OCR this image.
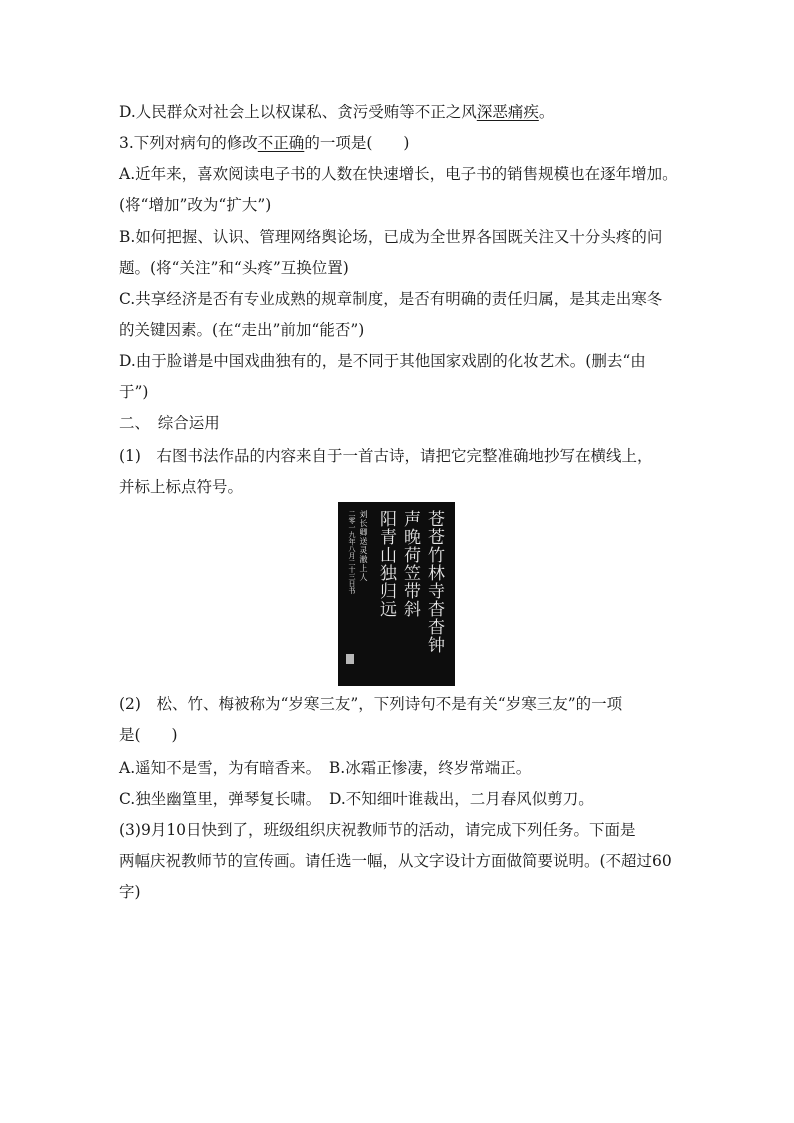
D.人民群众对社会上以权谋私、贪污受贿等不正之风深恶痛疾。
3.下列对病句的修改不正确的一项是(　　)
A.近年来，喜欢阅读电子书的人数在快速增长，电子书的销售规模也在逐年增加。
(将“增加”改为“扩大”)
B.如何把握、认识、管理网络舆论场，已成为全世界各国既关注又十分头疼的问
题。(将“关注”和“头疼”互换位置)
C.共享经济是否有专业成熟的规章制度，是否有明确的责任归属，是其走出寒冬
的关键因素。(在“走出”前加“能否”)
D.由于脸谱是中国戏曲独有的，是不同于其他国家戏剧的化妆艺术。(删去“由
于”)
二、　综合运用
(1)　右图书法作品的内容来自于一首古诗，请把它完整准确地抄写在横线上，
并标上标点符号。
苍苍竹林寺杳杳钟
声晚荷笠带斜
阳青山独归远
刘长卿送灵澈上人
二零一九年八月二十三日书
(2)　松、竹、梅被称为“岁寒三友”，下列诗句不是有关“岁寒三友”的一项
是(　　)
A.遥知不是雪，为有暗香来。　B.冰霜正惨凄，终岁常端正。
C.独坐幽篁里，弹琴复长啸。　D.不知细叶谁裁出，二月春风似剪刀。
(3)9月10日快到了，班级组织庆祝教师节的活动，请完成下列任务。下面是
两幅庆祝教师节的宣传画。请任选一幅，从文字设计方面做简要说明。(不超过60
字)
